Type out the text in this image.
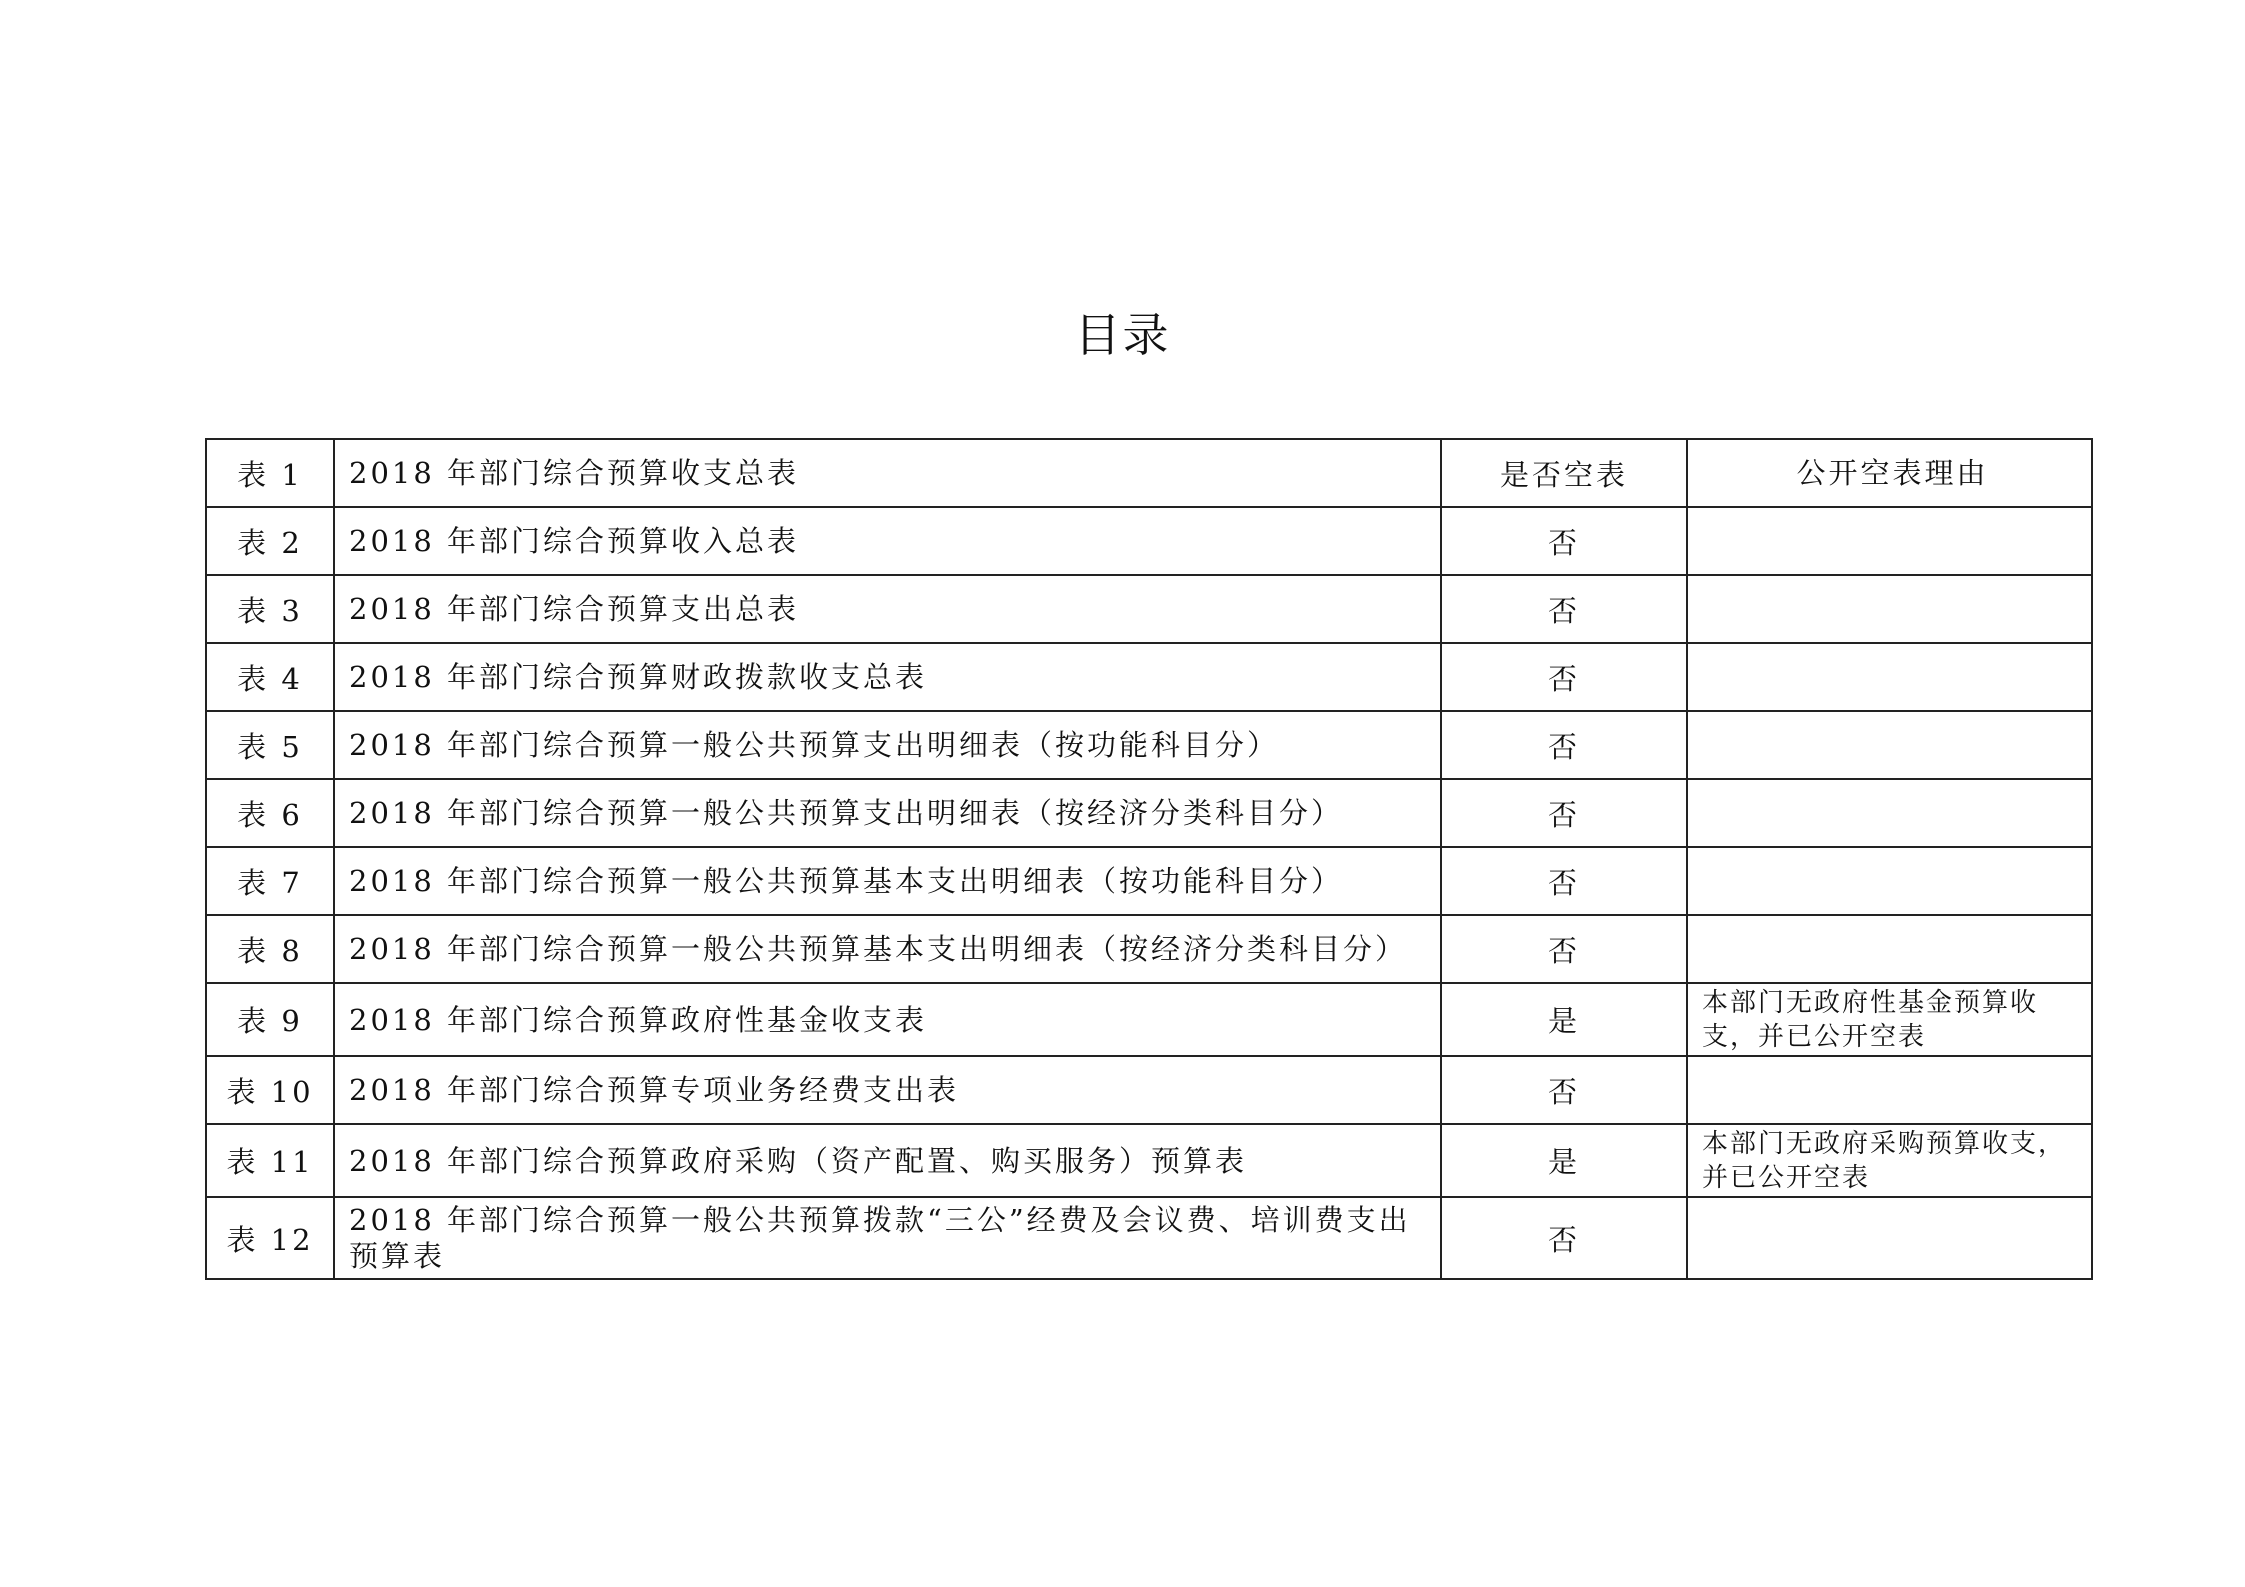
目录
表 1	2018 年部门综合预算收支总表	是否空表	公开空表理由
表 2	2018 年部门综合预算收入总表	否	
表 3	2018 年部门综合预算支出总表	否	
表 4	2018 年部门综合预算财政拨款收支总表	否	
表 5	2018 年部门综合预算一般公共预算支出明细表（按功能科目分）	否	
表 6	2018 年部门综合预算一般公共预算支出明细表（按经济分类科目分）	否	
表 7	2018 年部门综合预算一般公共预算基本支出明细表（按功能科目分）	否	
表 8	2018 年部门综合预算一般公共预算基本支出明细表（按经济分类科目分）	否	
表 9	2018 年部门综合预算政府性基金收支表	是	本部门无政府性基金预算收支，并已公开空表
表 10	2018 年部门综合预算专项业务经费支出表	否	
表 11	2018 年部门综合预算政府采购（资产配置、购买服务）预算表	是	本部门无政府采购预算收支，并已公开空表
表 12	2018 年部门综合预算一般公共预算拨款“三公”经费及会议费、培训费支出预算表	否	
